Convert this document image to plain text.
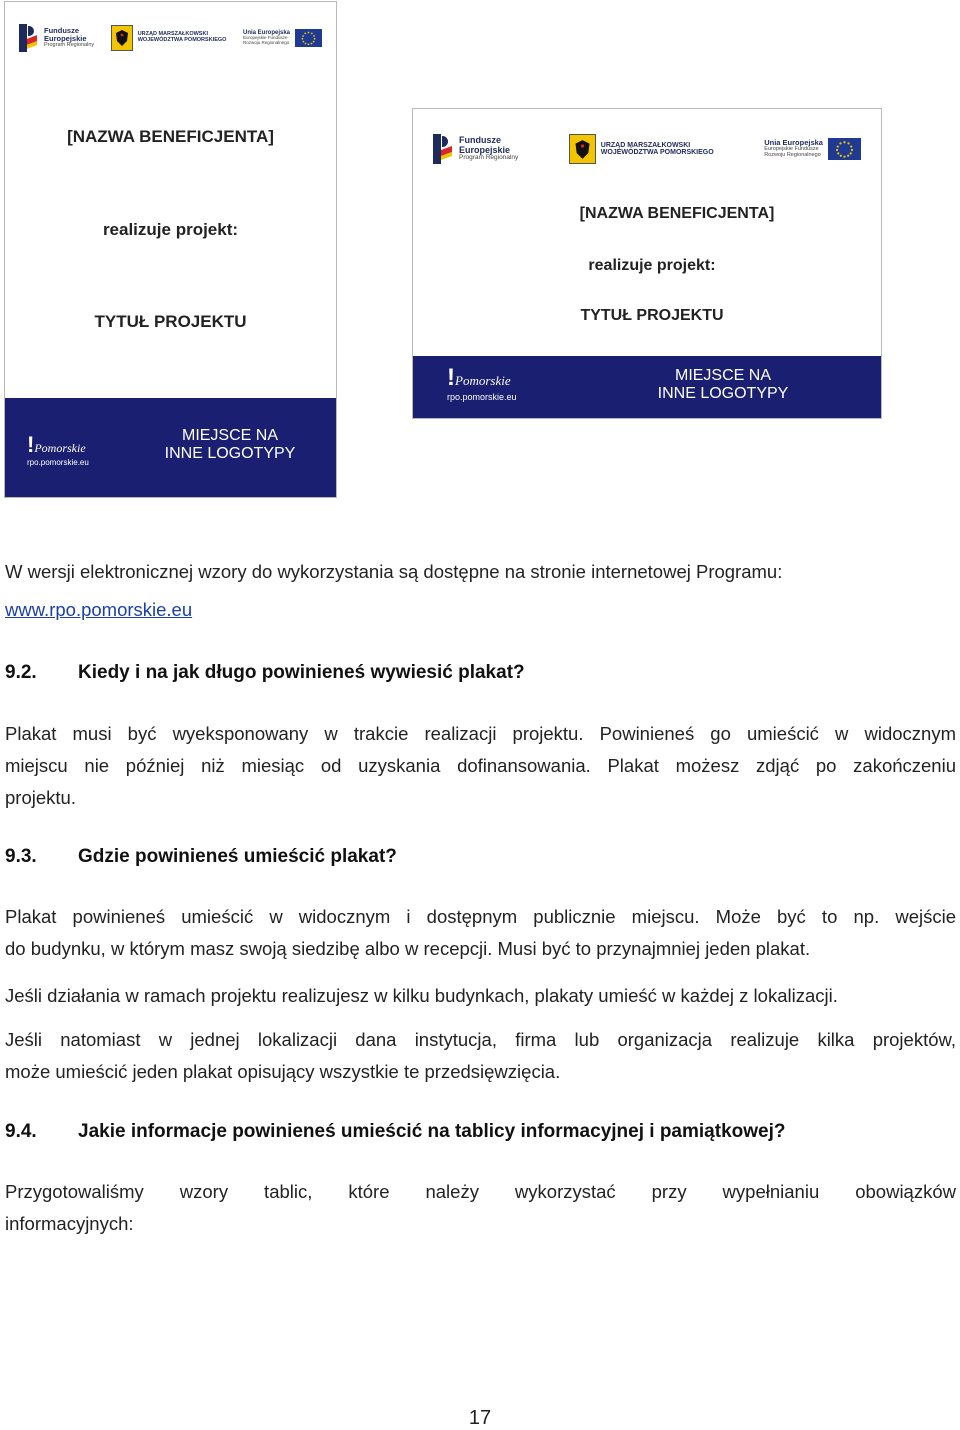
Fundusze
Europejskie
Program Regionalny
URZĄD MARSZAŁKOWSKI
WOJEWÓDZTWA POMORSKIEGO
Unia Europejska
Europejskie Fundusze
Rozwoju Regionalnego
[NAZWA BENEFICJENTA]
realizuje projekt:
TYTUŁ PROJEKTU
!Pomorskie
rpo.pomorskie.eu
MIEJSCE NA
INNE LOGOTYPY
Fundusze
Europejskie
Program Regionalny
URZĄD MARSZAŁKOWSKI
WOJEWÓDZTWA POMORSKIEGO
Unia Europejska
Europejskie Fundusze
Rozwoju Regionalnego
[NAZWA BENEFICJENTA]
realizuje projekt:
TYTUŁ PROJEKTU
!Pomorskie
rpo.pomorskie.eu
MIEJSCE NA
INNE LOGOTYPY
W wersji elektronicznej wzory do wykorzystania są dostępne na stronie internetowej Programu:
www.rpo.pomorskie.eu
9.2. Kiedy i na jak długo powinieneś wywiesić plakat?
Plakat musi być wyeksponowany w trakcie realizacji projektu. Powinieneś go umieścić w widocznym
miejscu nie później niż miesiąc od uzyskania dofinansowania. Plakat możesz zdjąć po zakończeniu
projektu.
9.3. Gdzie powinieneś umieścić plakat?
Plakat powinieneś umieścić w widocznym i dostępnym publicznie miejscu. Może być to np. wejście
do budynku, w którym masz swoją siedzibę albo w recepcji. Musi być to przynajmniej jeden plakat.
Jeśli działania w ramach projektu realizujesz w kilku budynkach, plakaty umieść w każdej z lokalizacji.
Jeśli natomiast w jednej lokalizacji dana instytucja, firma lub organizacja realizuje kilka projektów,
może umieścić jeden plakat opisujący wszystkie te przedsięwzięcia.
9.4. Jakie informacje powinieneś umieścić na tablicy informacyjnej i pamiątkowej?
Przygotowaliśmy wzory tablic, które należy wykorzystać przy wypełnianiu obowiązków
informacyjnych:
17
